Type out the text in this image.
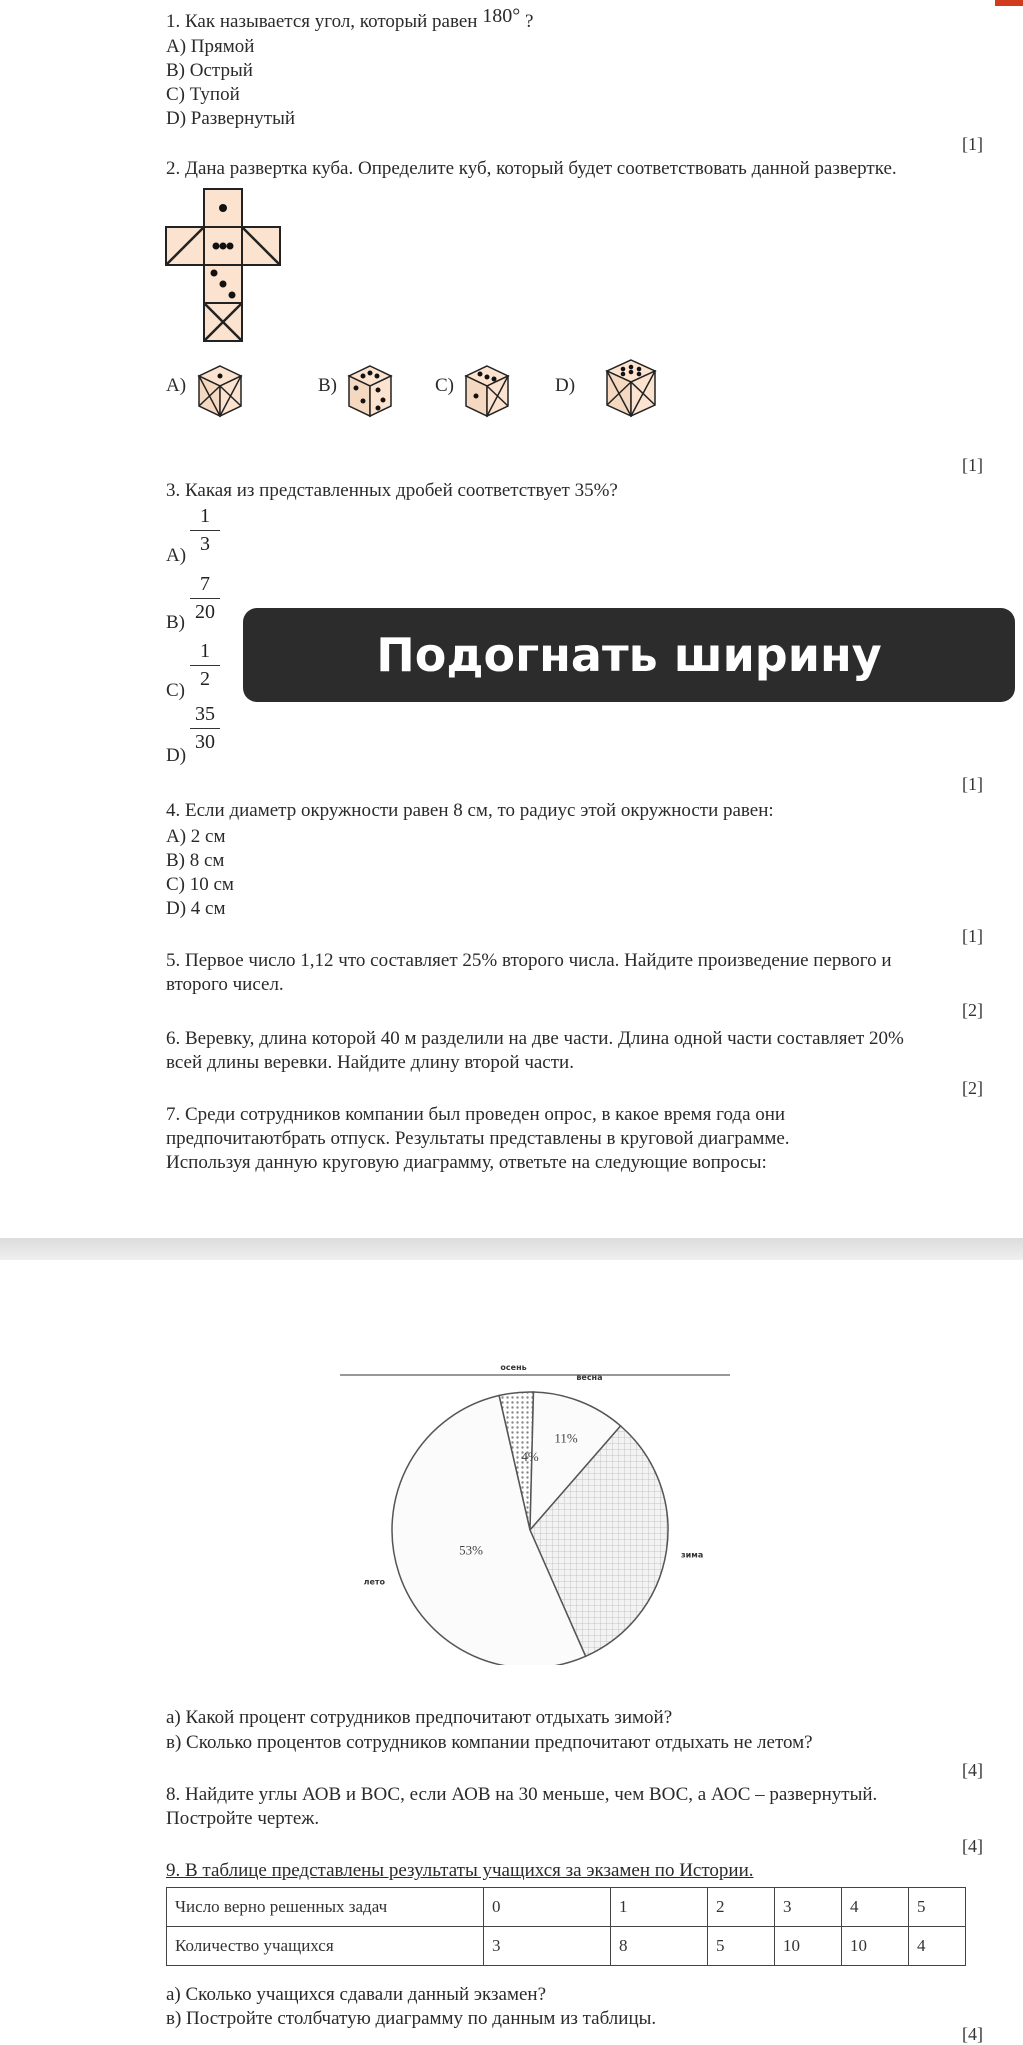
1. Как называется угол, который равен 180° ?
А) Прямой
В) Острый
С) Тупой
D) Развернутый
[1]
2. Дана развертка куба. Определите куб, который будет соответствовать данной развертке.
А)	В)	С)	D)
[1]
3. Какая из представленных дробей соответствует 35%?
А)
1
3
В)
7
20
С)
1
2
D)
35
30
[1]
4. Если диаметр окружности равен 8 см, то радиус этой окружности равен:
А) 2 см
В) 8 см
С) 10 см
D) 4 см
[1]
5. Первое число 1,12 что составляет 25% второго числа. Найдите произведение первого и
второго чисел.
[2]
6. Веревку, длина которой 40 м разделили на две части. Длина одной части составляет 20%
всей длины веревки. Найдите длину второй части.
[2]
7. Среди сотрудников компании был проведен опрос, в какое время года они
предпочитаютбрать отпуск. Результаты представлены в круговой диаграмме.
Используя данную круговую диаграмму, ответьте на следующие вопросы:
4%
осень
11%
весна
зима
53%
лето
а) Какой процент сотрудников предпочитают отдыхать зимой?
в) Сколько процентов сотрудников компании предпочитают отдыхать не летом?
[4]
8. Найдите углы АОВ и ВОС, если АОВ на 30 меньше, чем ВОС, а АОС – развернутый.
Постройте чертеж.
[4]
9. В таблице представлены результаты учащихся за экзамен по Истории.
Число верно решенных задач	0	1	2	3	4	5
Количество учащихся	3	8	5	10	10	4
а) Сколько учащихся сдавали данный экзамен?
в) Постройте столбчатую диаграмму по данным из таблицы.
[4]
Подогнать ширину страницы
